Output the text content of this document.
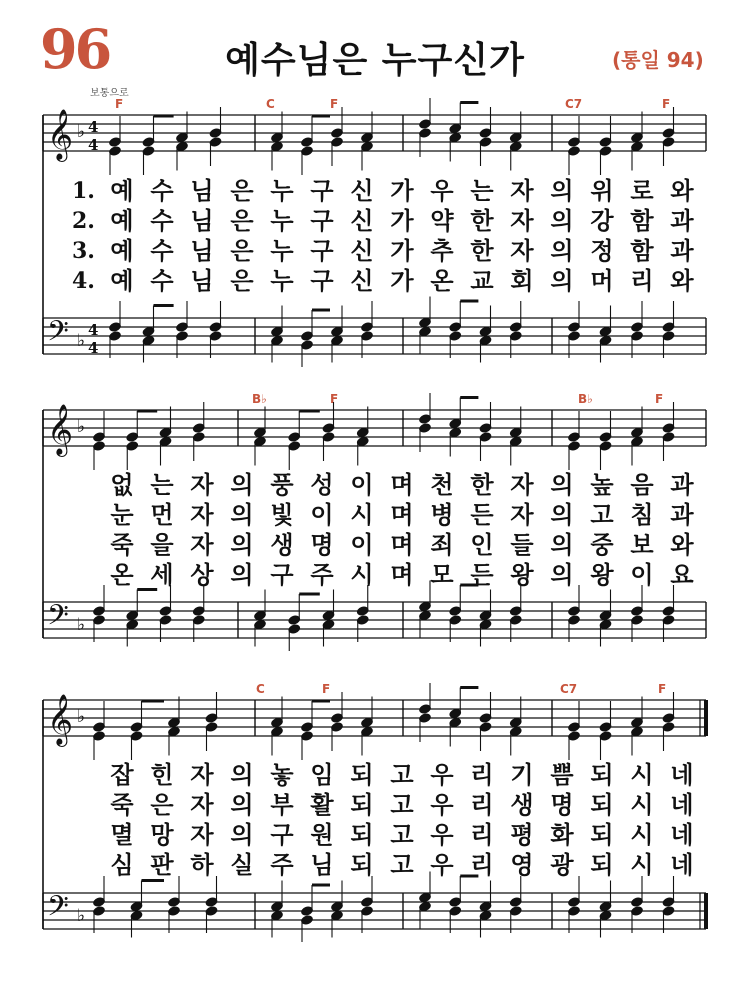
96
보통으로
예수님은 누구신가	(통일 94)
F	C	F	C7	F
𝄞 ♭ 4
4
𝄢 ♭
4
4
1. 예 수 님 은 누 구 신 가 우 는 자 의 위 로 와
2. 예 수 님 은 누 구 신 가 약 한 자 의 강 함 과
3. 예 수 님 은 누 구 신 가 추 한 자 의 정 함 과
4. 예 수 님 은 누 구 신 가 온 교 회 의 머 리 와
B♭	F	B♭	F
𝄞 ♭
𝄢 ♭
없 는 자 의 풍 성 이 며 천 한 자 의 높 음 과
눈 먼 자 의 빛 이 시 며 병 든 자 의 고 침 과
죽 을 자 의 생 명 이 며 죄 인 들 의 중 보 와
온 세 상 의 구 주 시 며 모 든 왕 의 왕 이 요
C	F	C7	F
𝄞 ♭
𝄢 ♭
잡 힌 자 의 놓 임 되 고 우 리 기 쁨 되 시 네
죽 은 자 의 부 활 되 고 우 리 생 명 되 시 네
멸 망 자 의 구 원 되 고 우 리 평 화 되 시 네
심 판 하 실 주 님 되 고 우 리 영 광 되 시 네
